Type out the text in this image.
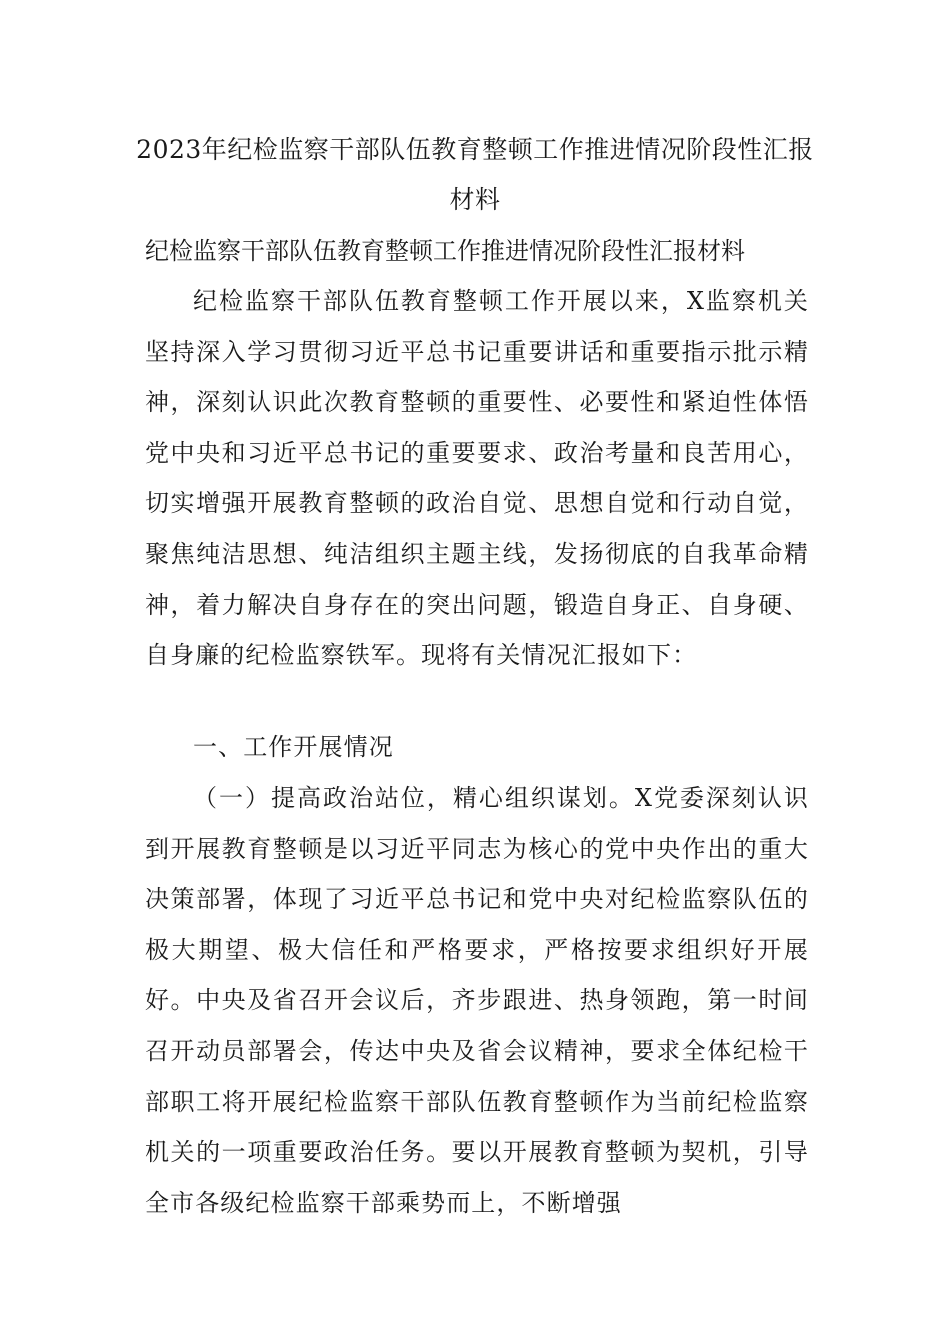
2023年纪检监察干部队伍教育整顿工作推进情况阶段性汇报材料

纪检监察干部队伍教育整顿工作推进情况阶段性汇报材料

纪检监察干部队伍教育整顿工作开展以来，X监察机关坚持深入学习贯彻习近平总书记重要讲话和重要指示批示精神，深刻认识此次教育整顿的重要性、必要性和紧迫性体悟党中央和习近平总书记的重要要求、政治考量和良苦用心，切实增强开展教育整顿的政治自觉、思想自觉和行动自觉，聚焦纯洁思想、纯洁组织主题主线，发扬彻底的自我革命精神，着力解决自身存在的突出问题，锻造自身正、自身硬、自身廉的纪检监察铁军。现将有关情况汇报如下：

一、工作开展情况

（一）提高政治站位，精心组织谋划。X党委深刻认识到开展教育整顿是以习近平同志为核心的党中央作出的重大决策部署，体现了习近平总书记和党中央对纪检监察队伍的极大期望、极大信任和严格要求，严格按要求组织好开展好。中央及省召开会议后，齐步跟进、热身领跑，第一时间召开动员部署会，传达中央及省会议精神，要求全体纪检干部职工将开展纪检监察干部队伍教育整顿作为当前纪检监察机关的一项重要政治任务。要以开展教育整顿为契机，引导全市各级纪检监察干部乘势而上，不断增强
